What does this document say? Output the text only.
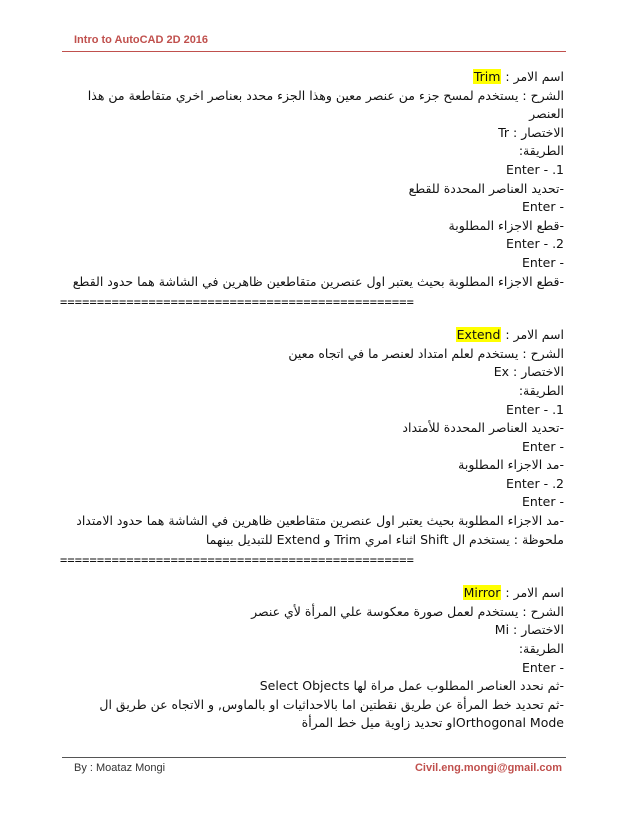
Intro to AutoCAD 2D 2016
اسم الامر : Trim
الشرح : يستخدم لمسح جزء من عنصر معين وهذا الجزء محدد بعناصر اخري متقاطعة من هذا العنصر
الاختصار : Tr
الطريقة:
1. - Enter
-تحديد العناصر المحددة للقطع
- Enter
-قطع الاجزاء المطلوبة
2. - Enter
- Enter
-قطع الاجزاء المطلوبة بحيث يعتبر اول عنصرين متقاطعين ظاهرين في الشاشة هما حدود القطع
================================================
اسم الامر : Extend
الشرح : يستخدم لعلم امتداد لعنصر ما في اتجاه معين
الاختصار : Ex
الطريقة:
1. - Enter
-تحديد العناصر المحددة للأمتداد
- Enter
-مد الاجزاء المطلوبة
2. - Enter
- Enter
-مد الاجزاء المطلوبة بحيث يعتبر اول عنصرين متقاطعين ظاهرين في الشاشة هما حدود الامتداد
ملحوظة : يستخدم ال Shift اثناء امري Trim و Extend للتبديل بينهما
================================================
اسم الامر : Mirror
الشرح : يستخدم لعمل صورة معكوسة علي المرأة لأي عنصر
الاختصار : Mi
الطريقة:
- Enter
-ثم نحدد العناصر المطلوب عمل مراة لها Select Objects
-ثم تحديد خط المرأة عن طريق نقطتين اما بالاحداثيات او بالماوس, و الاتجاه عن طريق ال Orthogonal Modeاو تحديد زاوية ميل خط المرأة
By : Moataz Mongi	Civil.eng.mongi@gmail.com
